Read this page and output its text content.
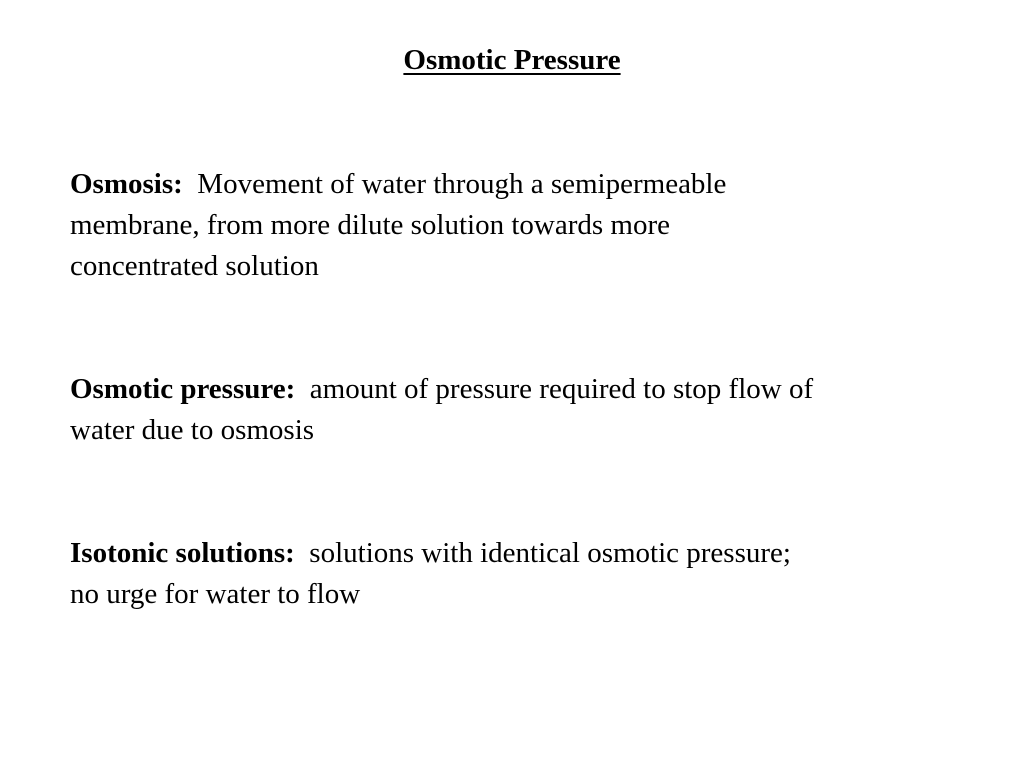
Osmotic Pressure

Osmosis: Movement of water through a semipermeable
membrane, from more dilute solution towards more
concentrated solution

Osmotic pressure: amount of pressure required to stop flow of
water due to osmosis

Isotonic solutions: solutions with identical osmotic pressure;
no urge for water to flow
